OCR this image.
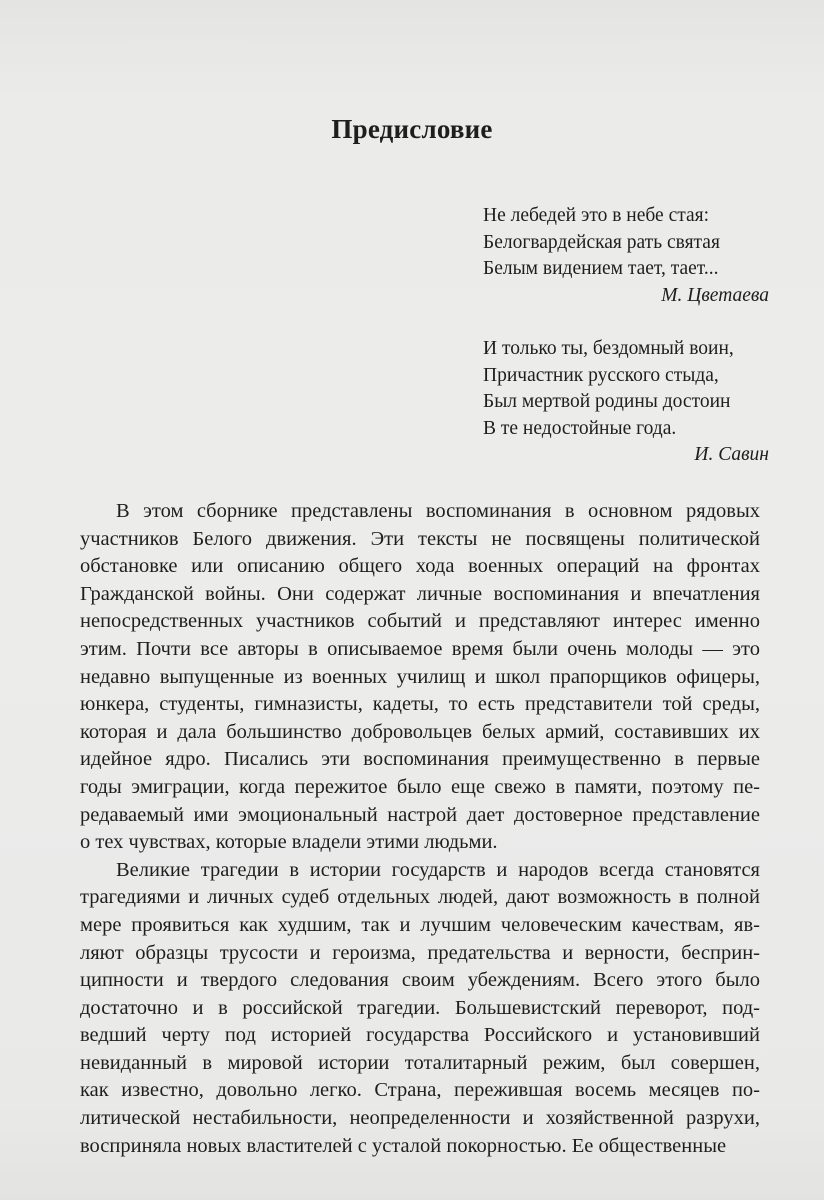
Предисловие
Не лебедей это в небе стая:
Белогвардейская рать святая
Белым видением тает, тает...
М. Цветаева
И только ты, бездомный воин,
Причастник русского стыда,
Был мертвой родины достоин
В те недостойные года.
И. Савин

В этом сборнике представлены воспоминания в основном рядовых
участников Белого движения. Эти тексты не посвящены политической
обстановке или описанию общего хода военных операций на фронтах
Гражданской войны. Они содержат личные воспоминания и впечатления
непосредственных участников событий и представляют интерес именно
этим. Почти все авторы в описываемое время были очень молоды — это
недавно выпущенные из военных училищ и школ прапорщиков офицеры,
юнкера, студенты, гимназисты, кадеты, то есть представители той среды,
которая и дала большинство добровольцев белых армий, составивших их
идейное ядро. Писались эти воспоминания преимущественно в первые
годы эмиграции, когда пережитое было еще свежо в памяти, поэтому пе-
редаваемый ими эмоциональный настрой дает достоверное представление
о тех чувствах, которые владели этими людьми.

Великие трагедии в истории государств и народов всегда становятся
трагедиями и личных судеб отдельных людей, дают возможность в полной
мере проявиться как худшим, так и лучшим человеческим качествам, яв-
ляют образцы трусости и героизма, предательства и верности, бесприн-
ципности и твердого следования своим убеждениям. Всего этого было
достаточно и в российской трагедии. Большевистский переворот, под-
ведший черту под историей государства Российского и установивший
невиданный в мировой истории тоталитарный режим, был совершен,
как известно, довольно легко. Страна, пережившая восемь месяцев по-
литической нестабильности, неопределенности и хозяйственной разрухи,
восприняла новых властителей с усталой покорностью. Ее общественные
